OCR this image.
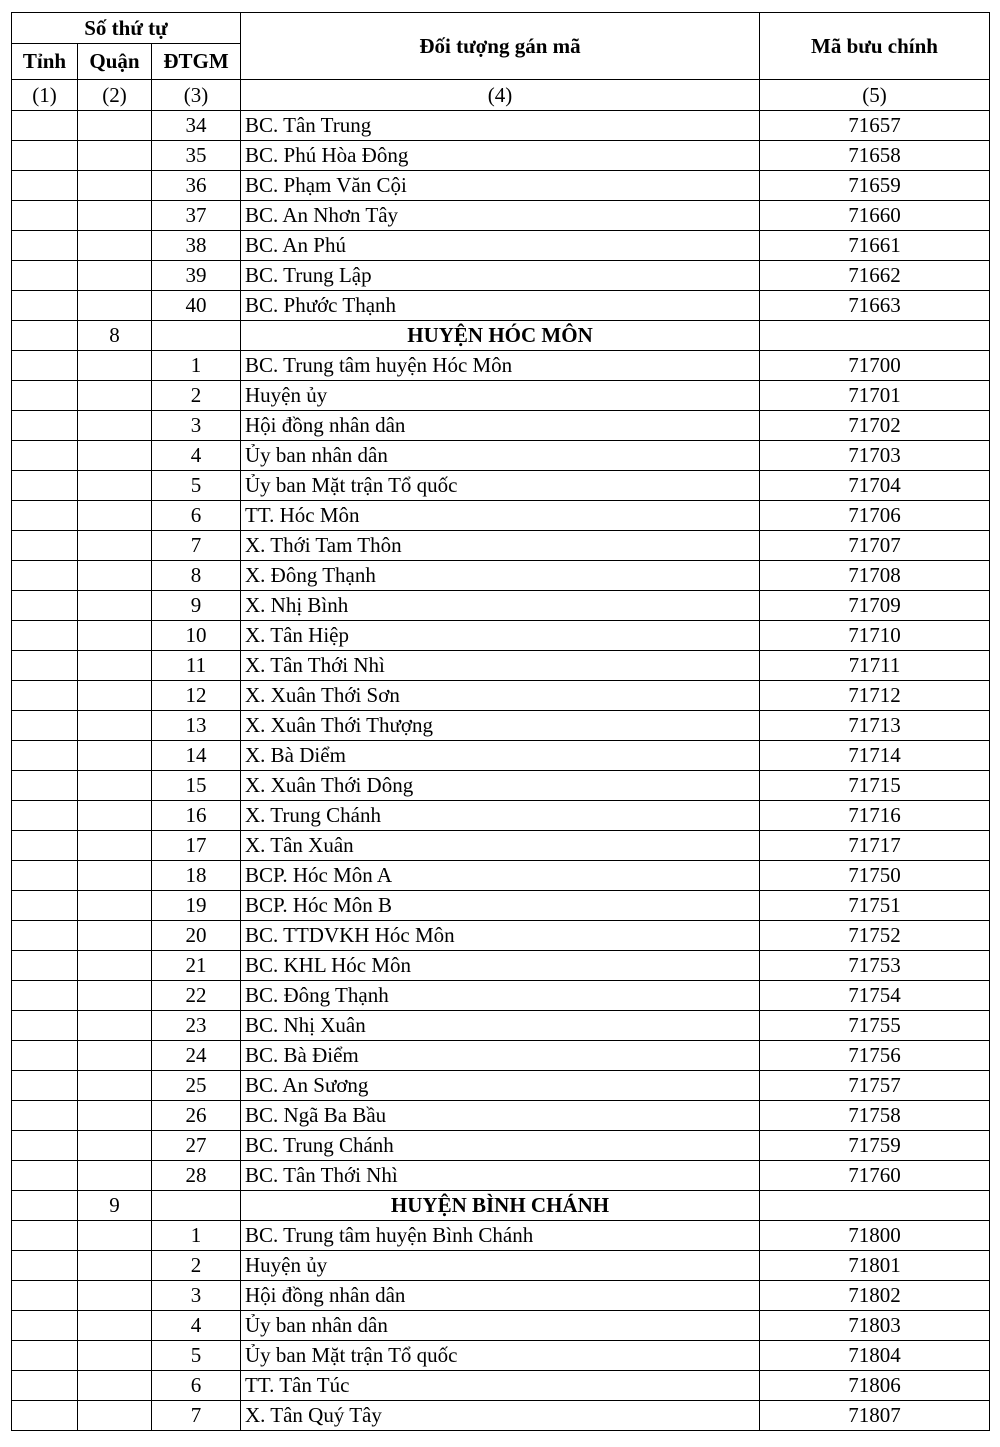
Số thứ tự			Đối tượng gán mã	Mã bưu chính
Tỉnh	Quận	ĐTGM		
(1)	(2)	(3)	(4)	(5)
		34	BC. Tân Trung	71657
		35	BC. Phú Hòa Đông	71658
		36	BC. Phạm Văn Cội	71659
		37	BC. An Nhơn Tây	71660
		38	BC. An Phú	71661
		39	BC. Trung Lập	71662
		40	BC. Phước Thạnh	71663
	8		HUYỆN HÓC MÔN	
		1	BC. Trung tâm huyện Hóc Môn	71700
		2	Huyện ủy	71701
		3	Hội đồng nhân dân	71702
		4	Ủy ban nhân dân	71703
		5	Ủy ban Mặt trận Tổ quốc	71704
		6	TT. Hóc Môn	71706
		7	X. Thới Tam Thôn	71707
		8	X. Đông Thạnh	71708
		9	X. Nhị Bình	71709
		10	X. Tân Hiệp	71710
		11	X. Tân Thới Nhì	71711
		12	X. Xuân Thới Sơn	71712
		13	X. Xuân Thới Thượng	71713
		14	X. Bà Diểm	71714
		15	X. Xuân Thới Dông	71715
		16	X. Trung Chánh	71716
		17	X. Tân Xuân	71717
		18	BCP. Hóc Môn A	71750
		19	BCP. Hóc Môn B	71751
		20	BC. TTDVKH Hóc Môn	71752
		21	BC. KHL Hóc Môn	71753
		22	BC. Đông Thạnh	71754
		23	BC. Nhị Xuân	71755
		24	BC. Bà Điểm	71756
		25	BC. An Sương	71757
		26	BC. Ngã Ba Bầu	71758
		27	BC. Trung Chánh	71759
		28	BC. Tân Thới Nhì	71760
	9		HUYỆN BÌNH CHÁNH	
		1	BC. Trung tâm huyện Bình Chánh	71800
		2	Huyện ủy	71801
		3	Hội đồng nhân dân	71802
		4	Ủy ban nhân dân	71803
		5	Ủy ban Mặt trận Tổ quốc	71804
		6	TT. Tân Túc	71806
		7	X. Tân Quý Tây	71807
